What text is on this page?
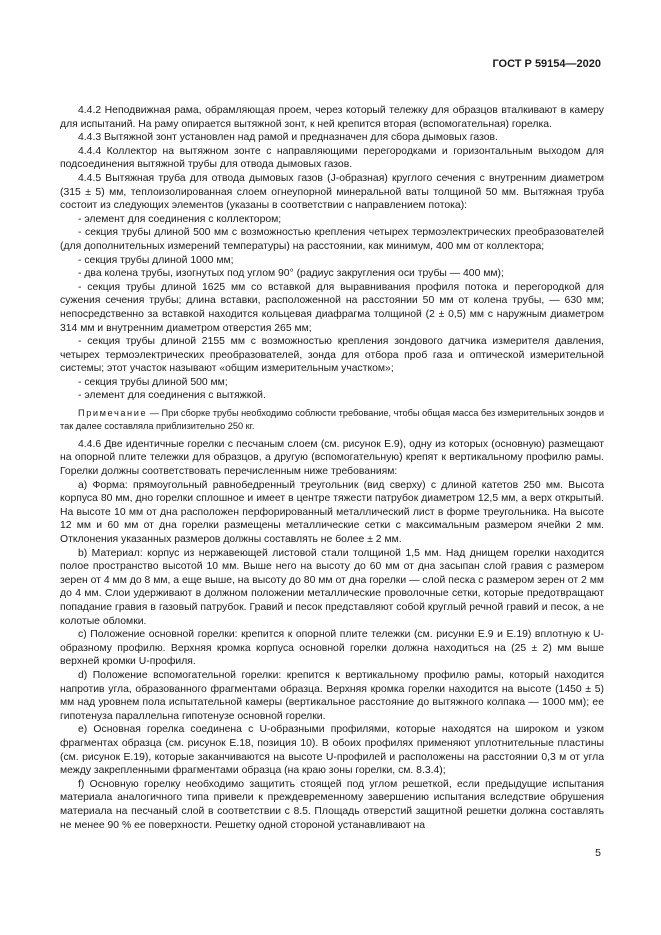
ГОСТ Р 59154—2020

4.4.2 Неподвижная рама, обрамляющая проем, через который тележку для образцов вталкивают в камеру для испытаний. На раму опирается вытяжной зонт, к ней крепится вторая (вспомогательная) горелка.

4.4.3 Вытяжной зонт установлен над рамой и предназначен для сбора дымовых газов.

4.4.4 Коллектор на вытяжном зонте с направляющими перегородками и горизонтальным выходом для подсоединения вытяжной трубы для отвода дымовых газов.

4.4.5 Вытяжная труба для отвода дымовых газов (J-образная) круглого сечения с внутренним диаметром (315 ± 5) мм, теплоизолированная слоем огнеупорной минеральной ваты толщиной 50 мм. Вытяжная труба состоит из следующих элементов (указаны в соответствии с направлением потока):

- элемент для соединения с коллектором;

- секция трубы длиной 500 мм с возможностью крепления четырех термоэлектрических преобразователей (для дополнительных измерений температуры) на расстоянии, как минимум, 400 мм от коллектора;

- секция трубы длиной 1000 мм;

- два колена трубы, изогнутых под углом 90° (радиус закругления оси трубы — 400 мм);

- секция трубы длиной 1625 мм со вставкой для выравнивания профиля потока и перегородкой для сужения сечения трубы; длина вставки, расположенной на расстоянии 50 мм от колена трубы, — 630 мм; непосредственно за вставкой находится кольцевая диафрагма толщиной (2 ± 0,5) мм с наружным диаметром 314 мм и внутренним диаметром отверстия 265 мм;

- секция трубы длиной 2155 мм с возможностью крепления зондового датчика измерителя давления, четырех термоэлектрических преобразователей, зонда для отбора проб газа и оптической измерительной системы; этот участок называют «общим измерительным участком»;

- секция трубы длиной 500 мм;

- элемент для соединения с вытяжкой.

Примечание — При сборке трубы необходимо соблюсти требование, чтобы общая масса без измерительных зондов и так далее составляла приблизительно 250 кг.

4.4.6 Две идентичные горелки с песчаным слоем (см. рисунок Е.9), одну из которых (основную) размещают на опорной плите тележки для образцов, а другую (вспомогательную) крепят к вертикальному профилю рамы. Горелки должны соответствовать перечисленным ниже требованиям:

а) Форма: прямоугольный равнобедренный треугольник (вид сверху) с длиной катетов 250 мм. Высота корпуса 80 мм, дно горелки сплошное и имеет в центре тяжести патрубок диаметром 12,5 мм, а верх открытый. На высоте 10 мм от дна расположен перфорированный металлический лист в форме треугольника. На высоте 12 мм и 60 мм от дна горелки размещены металлические сетки с максимальным размером ячейки 2 мм. Отклонения указанных размеров должны составлять не более ± 2 мм.

b) Материал: корпус из нержавеющей листовой стали толщиной 1,5 мм. Над днищем горелки находится полое пространство высотой 10 мм. Выше него на высоту до 60 мм от дна засыпан слой гравия с размером зерен от 4 мм до 8 мм, а еще выше, на высоту до 80 мм от дна горелки — слой песка с размером зерен от 2 мм до 4 мм. Слои удерживают в должном положении металлические проволочные сетки, которые предотвращают попадание гравия в газовый патрубок. Гравий и песок представляют собой круглый речной гравий и песок, а не колотые обломки.

c) Положение основной горелки: крепится к опорной плите тележки (см. рисунки Е.9 и Е.19) вплотную к U-образному профилю. Верхняя кромка корпуса основной горелки должна находиться на (25 ± 2) мм выше верхней кромки U-профиля.

d) Положение вспомогательной горелки: крепится к вертикальному профилю рамы, который находится напротив угла, образованного фрагментами образца. Верхняя кромка горелки находится на высоте (1450 ± 5) мм над уровнем пола испытательной камеры (вертикальное расстояние до вытяжного колпака — 1000 мм); ее гипотенуза параллельна гипотенузе основной горелки.

e) Основная горелка соединена с U-образными профилями, которые находятся на широком и узком фрагментах образца (см. рисунок Е.18, позиция 10). В обоих профилях применяют уплотнительные пластины (см. рисунок Е.19), которые заканчиваются на высоте U-профилей и расположены на расстоянии 0,3 м от угла между закрепленными фрагментами образца (на краю зоны горелки, см. 8.3.4);

f) Основную горелку необходимо защитить стоящей под углом решеткой, если предыдущие испытания материала аналогичного типа привели к преждевременному завершению испытания вследствие обрушения материала на песчаный слой в соответствии с 8.5. Площадь отверстий защитной решетки должна составлять не менее 90 % ее поверхности. Решетку одной стороной устанавливают на

5
